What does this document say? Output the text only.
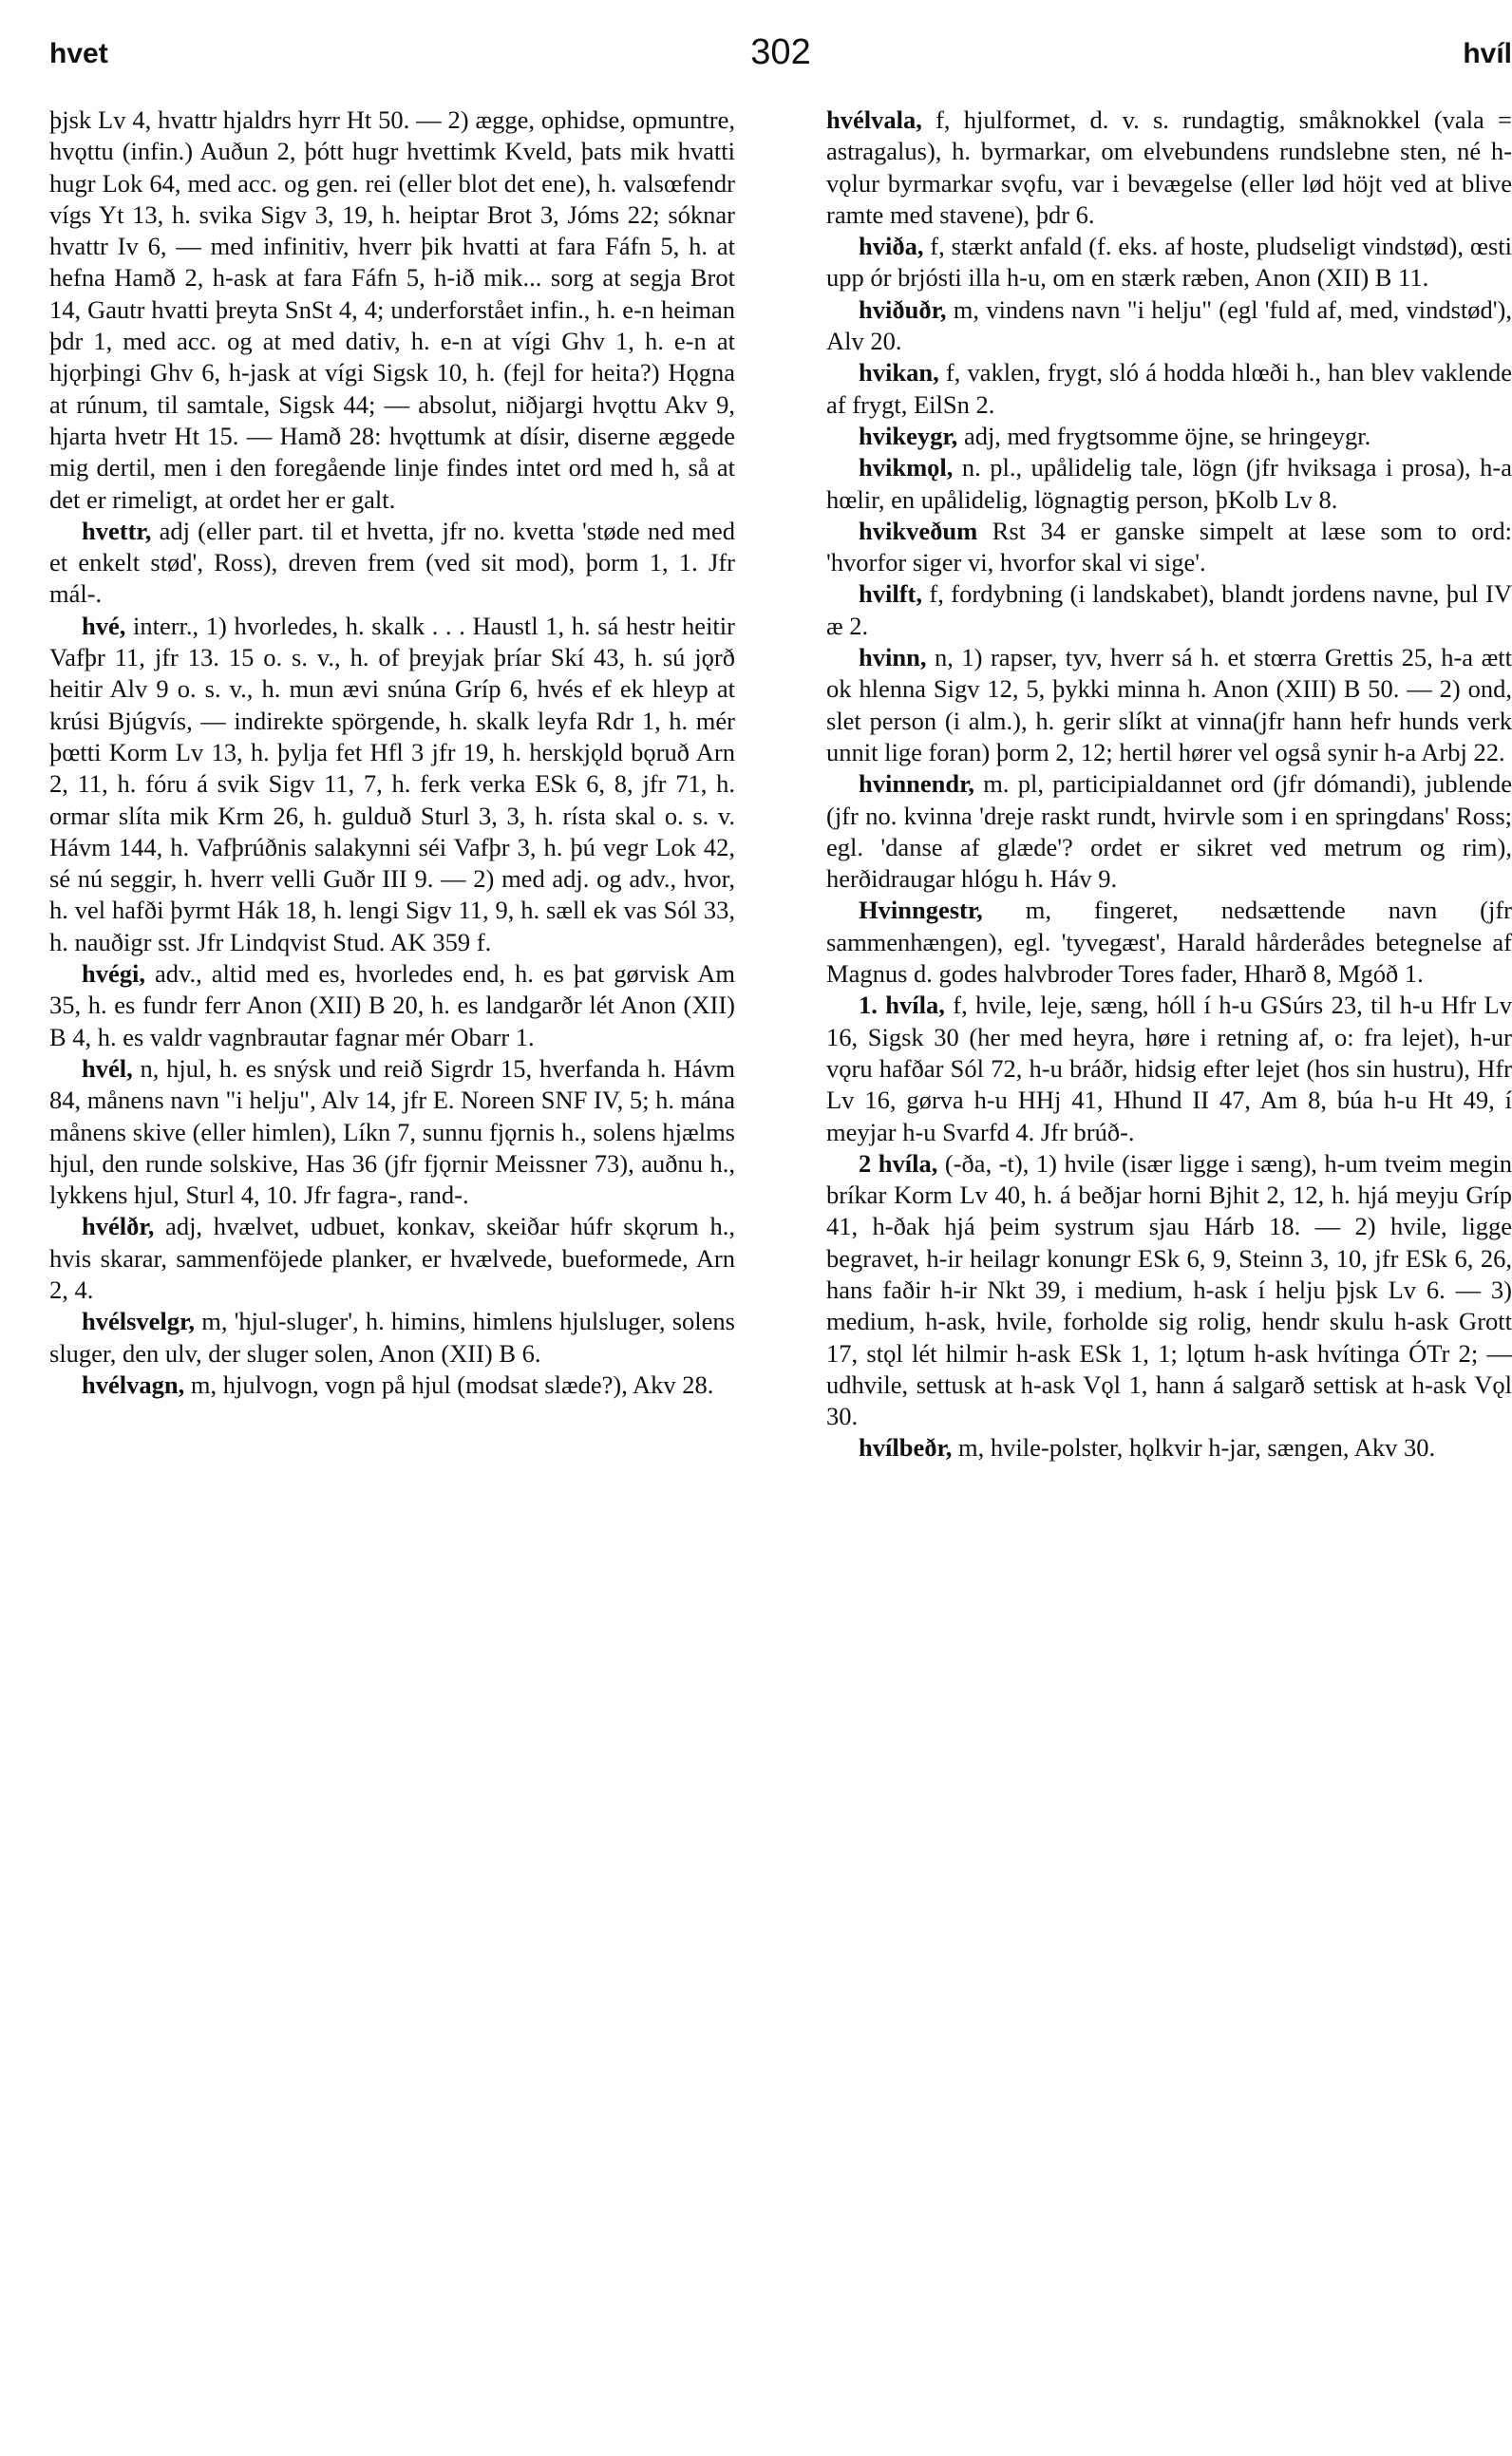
hvet	302	hvíl

þjsk Lv 4, hvattr hjaldrs hyrr Ht 50. — 2) ægge, ophidse, opmuntre, hvǫttu (infin.) Auðun 2, þótt hugr hvettimk Kveld, þats mik hvatti hugr Lok 64, med acc. og gen. rei (eller blot det ene), h. valsœfendr vígs Yt 13, h. svika Sigv 3, 19, h. heiptar Brot 3, Jóms 22; sóknar hvattr Iv 6, — med infinitiv, hverr þik hvatti at fara Fáfn 5, h. at hefna Hamð 2, h-ask at fara Fáfn 5, h-ið mik... sorg at segja Brot 14, Gautr hvatti þreyta SnSt 4, 4; underforstået infin., h. e-n heiman þdr 1, med acc. og at med dativ, h. e-n at vígi Ghv 1, h. e-n at hjǫrþingi Ghv 6, h-jask at vígi Sigsk 10, h. (fejl for heita?) Hǫgna at rúnum, til samtale, Sigsk 44; — absolut, niðjargi hvǫttu Akv 9, hjarta hvetr Ht 15. — Hamð 28: hvǫttumk at dísir, diserne æggede mig dertil, men i den foregående linje findes intet ord med h, så at det er rimeligt, at ordet her er galt.

hvettr, adj (eller part. til et hvetta, jfr no. kvetta 'støde ned med et enkelt stød', Ross), dreven frem (ved sit mod), þorm 1, 1. Jfr mál-.

hvé, interr., 1) hvorledes, h. skalk . . . Haustl 1, h. sá hestr heitir Vafþr 11, jfr 13. 15 o. s. v., h. of þreyjak þríar Skí 43, h. sú jǫrð heitir Alv 9 o. s. v., h. mun ævi snúna Gríp 6, hvés ef ek hleyp at krúsi Bjúgvís, — indirekte spörgende, h. skalk leyfa Rdr 1, h. mér þœtti Korm Lv 13, h. þylja fet Hfl 3 jfr 19, h. herskjǫld bǫruð Arn 2, 11, h. fóru á svik Sigv 11, 7, h. ferk verka ESk 6, 8, jfr 71, h. ormar slíta mik Krm 26, h. gulduð Sturl 3, 3, h. rísta skal o. s. v. Hávm 144, h. Vafþrúðnis salakynni séi Vafþr 3, h. þú vegr Lok 42, sé nú seggir, h. hverr velli Guðr III 9. — 2) med adj. og adv., hvor, h. vel hafði þyrmt Hák 18, h. lengi Sigv 11, 9, h. sæll ek vas Sól 33, h. nauðigr sst. Jfr Lindqvist Stud. AK 359 f.

hvégi, adv., altid med es, hvorledes end, h. es þat gørvisk Am 35, h. es fundr ferr Anon (XII) B 20, h. es landgarðr lét Anon (XII) B 4, h. es valdr vagnbrautar fagnar mér Obarr 1.

hvél, n, hjul, h. es snýsk und reið Sigrdr 15, hverfanda h. Hávm 84, månens navn "i helju", Alv 14, jfr E. Noreen SNF IV, 5; h. mána månens skive (eller himlen), Líkn 7, sunnu fjǫrnis h., solens hjælms hjul, den runde solskive, Has 36 (jfr fjǫrnir Meissner 73), auðnu h., lykkens hjul, Sturl 4, 10. Jfr fagra-, rand-.

hvélðr, adj, hvælvet, udbuet, konkav, skeiðar húfr skǫrum h., hvis skarar, sammenföjede planker, er hvælvede, bueformede, Arn 2, 4.

hvélsvelgr, m, 'hjul-sluger', h. himins, himlens hjulsluger, solens sluger, den ulv, der sluger solen, Anon (XII) B 6.

hvélvagn, m, hjulvogn, vogn på hjul (modsat slæde?), Akv 28.

hvélvala, f, hjulformet, d. v. s. rundagtig, småknokkel (vala = astragalus), h. byrmarkar, om elvebundens rundslebne sten, né h-vǫlur byrmarkar svǫfu, var i bevægelse (eller lød höjt ved at blive ramte med stavene), þdr 6.

hviða, f, stærkt anfald (f. eks. af hoste, pludseligt vindstød), œsti upp ór brjósti illa h-u, om en stærk ræben, Anon (XII) B 11.

hviðuðr, m, vindens navn "i helju" (egl 'fuld af, med, vindstød'), Alv 20.

hvikan, f, vaklen, frygt, sló á hodda hlœði h., han blev vaklende af frygt, EilSn 2.

hvikeygr, adj, med frygtsomme öjne, se hringeygr.

hvikmǫl, n. pl., upålidelig tale, lögn (jfr hviksaga i prosa), h-a hœlir, en upålidelig, lögnagtig person, þKolb Lv 8.

hvikveðum Rst 34 er ganske simpelt at læse som to ord: 'hvorfor siger vi, hvorfor skal vi sige'.

hvilft, f, fordybning (i landskabet), blandt jordens navne, þul IV æ 2.

hvinn, n, 1) rapser, tyv, hverr sá h. et stœrra Grettis 25, h-a ætt ok hlenna Sigv 12, 5, þykki minna h. Anon (XIII) B 50. — 2) ond, slet person (i alm.), h. gerir slíkt at vinna(jfr hann hefr hunds verk unnit lige foran) þorm 2, 12; hertil hører vel også synir h-a Arbj 22.

hvinnendr, m. pl, participialdannet ord (jfr dómandi), jublende (jfr no. kvinna 'dreje raskt rundt, hvirvle som i en springdans' Ross; egl. 'danse af glæde'? ordet er sikret ved metrum og rim), herðidraugar hlógu h. Háv 9.

Hvinngestr, m, fingeret, nedsættende navn (jfr sammenhængen), egl. 'tyvegæst', Harald hårderådes betegnelse af Magnus d. godes halvbroder Tores fader, Hharð 8, Mgóð 1.

1. hvíla, f, hvile, leje, sæng, hóll í h-u GSúrs 23, til h-u Hfr Lv 16, Sigsk 30 (her med heyra, høre i retning af, o: fra lejet), h-ur vǫru hafðar Sól 72, h-u bráðr, hidsig efter lejet (hos sin hustru), Hfr Lv 16, gørva h-u HHj 41, Hhund II 47, Am 8, búa h-u Ht 49, í meyjar h-u Svarfd 4. Jfr brúð-.

2 hvíla, (-ða, -t), 1) hvile (især ligge i sæng), h-um tveim megin bríkar Korm Lv 40, h. á beðjar horni Bjhit 2, 12, h. hjá meyju Gríp 41, h-ðak hjá þeim systrum sjau Hárb 18. — 2) hvile, ligge begravet, h-ir heilagr konungr ESk 6, 9, Steinn 3, 10, jfr ESk 6, 26, hans faðir h-ir Nkt 39, i medium, h-ask í helju þjsk Lv 6. — 3) medium, h-ask, hvile, forholde sig rolig, hendr skulu h-ask Grott 17, stǫl lét hilmir h-ask ESk 1, 1; lǫtum h-ask hvítinga ÓTr 2; — udhvile, settusk at h-ask Vǫl 1, hann á salgarð settisk at h-ask Vǫl 30.

hvílbeðr, m, hvile-polster, hǫlkvir h-jar, sængen, Akv 30.
